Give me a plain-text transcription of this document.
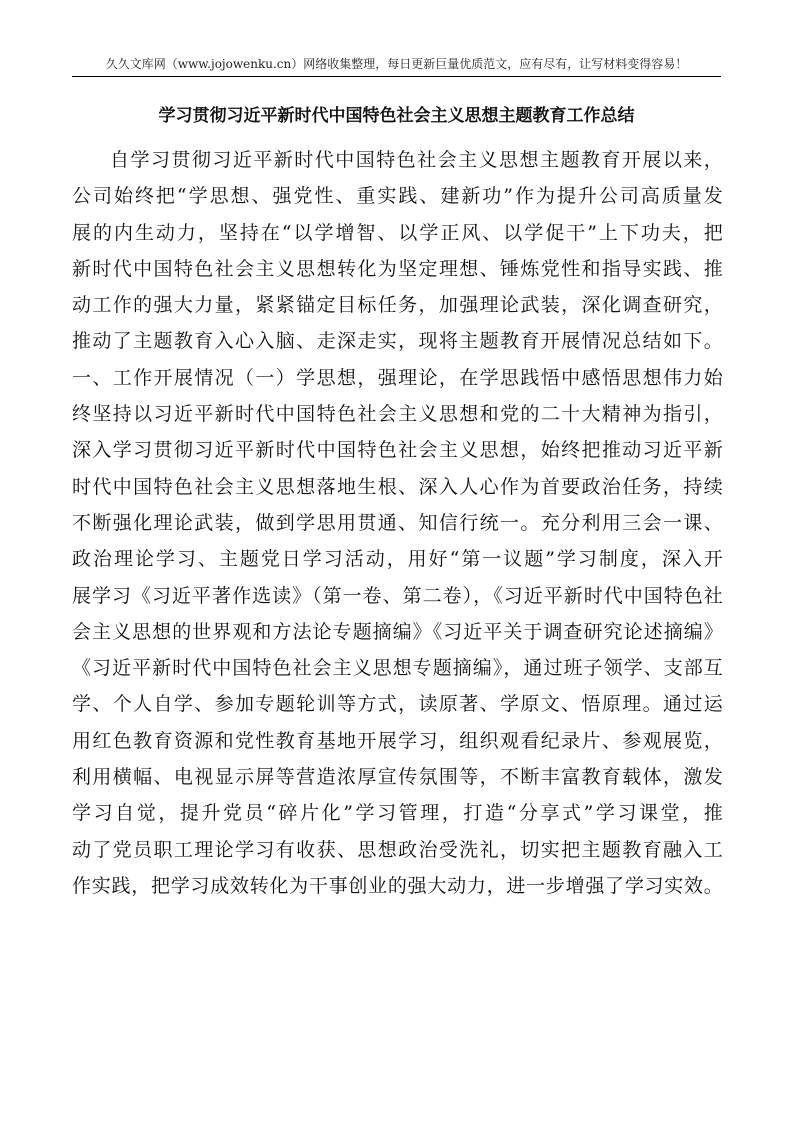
久久文库网（www.jojowenku.cn）网络收集整理，每日更新巨量优质范文，应有尽有，让写材料变得容易！
学习贯彻习近平新时代中国特色社会主义思想主题教育工作总结
自学习贯彻习近平新时代中国特色社会主义思想主题教育开展以来，
公司始终把“学思想、强党性、重实践、建新功”作为提升公司高质量发
展的内生动力，坚持在“以学增智、以学正风、以学促干”上下功夫，把
新时代中国特色社会主义思想转化为坚定理想、锤炼党性和指导实践、推
动工作的强大力量，紧紧锚定目标任务，加强理论武装，深化调查研究，
推动了主题教育入心入脑、走深走实，现将主题教育开展情况总结如下。
一、工作开展情况（一）学思想，强理论，在学思践悟中感悟思想伟力始
终坚持以习近平新时代中国特色社会主义思想和党的二十大精神为指引，
深入学习贯彻习近平新时代中国特色社会主义思想，始终把推动习近平新
时代中国特色社会主义思想落地生根、深入人心作为首要政治任务，持续
不断强化理论武装，做到学思用贯通、知信行统一。充分利用三会一课、
政治理论学习、主题党日学习活动，用好“第一议题”学习制度，深入开
展学习《习近平著作选读》（第一卷、第二卷），《习近平新时代中国特色社
会主义思想的世界观和方法论专题摘编》《习近平关于调查研究论述摘编》
《习近平新时代中国特色社会主义思想专题摘编》，通过班子领学、支部互
学、个人自学、参加专题轮训等方式，读原著、学原文、悟原理。通过运
用红色教育资源和党性教育基地开展学习，组织观看纪录片、参观展览，
利用横幅、电视显示屏等营造浓厚宣传氛围等，不断丰富教育载体，激发
学习自觉，提升党员“碎片化”学习管理，打造“分享式”学习课堂，推
动了党员职工理论学习有收获、思想政治受洗礼，切实把主题教育融入工
作实践，把学习成效转化为干事创业的强大动力，进一步增强了学习实效。
